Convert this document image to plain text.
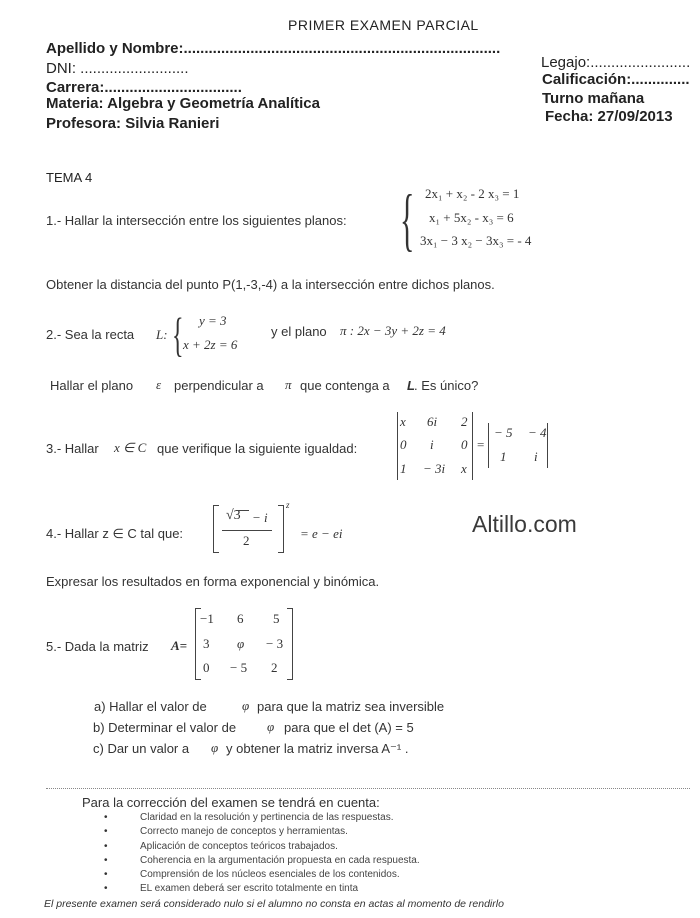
PRIMER EXAMEN PARCIAL
Apellido y Nombre:............................................................................
DNI: ..........................
Carrera:.................................
Materia: Algebra y Geometría Analítica
Profesora: Silvia Ranieri
Legajo:........................
Calificación:..............
Turno mañana
Fecha: 27/09/2013
TEMA 4
1.- Hallar la intersección entre los siguientes planos: { 2x₁ + x₂ - 2 x₃ = 1
x₁ + 5x₂ - x₃ = 6
3x₁ − 3 x₂ − 3x₃ = - 4
Obtener la distancia del punto P(1,-3,-4) a la intersección entre dichos planos.
2.- Sea la recta L: { y = 3
x + 2z = 6
y el plano π : 2x − 3y + 2z = 4
Hallar el plano ε perpendicular a π que contenga a L . Es único?
3.- Hallar x ∈ C que verifique la siguiente igualdad:
x 6i 2
0 i 0
1 − 3i x
=
− 5 − 4
1 i
4.- Hallar z ∈ C tal que:
√3 − i
2
z
= e − ei	Altillo.com
Expresar los resultados en forma exponencial y binómica.
5.- Dada la matriz A=
−1 6 5
3 φ − 3
0 − 5 2
a) Hallar el valor de	φ para que la matriz sea inversible
b) Determinar el valor de φ para que el det (A) = 5
c) Dar un valor a φ y obtener la matriz inversa A⁻¹ .
Para la corrección del examen se tendrá en cuenta:
• Claridad en la resolución y pertinencia de las respuestas.
• Correcto manejo de conceptos y herramientas.
• Aplicación de conceptos teóricos trabajados.
• Coherencia en la argumentación propuesta en cada respuesta.
• Comprensión de los núcleos esenciales de los contenidos.
• EL examen deberá ser escrito totalmente en tinta
El presente examen será considerado nulo si el alumno no consta en actas al momento de rendirlo
